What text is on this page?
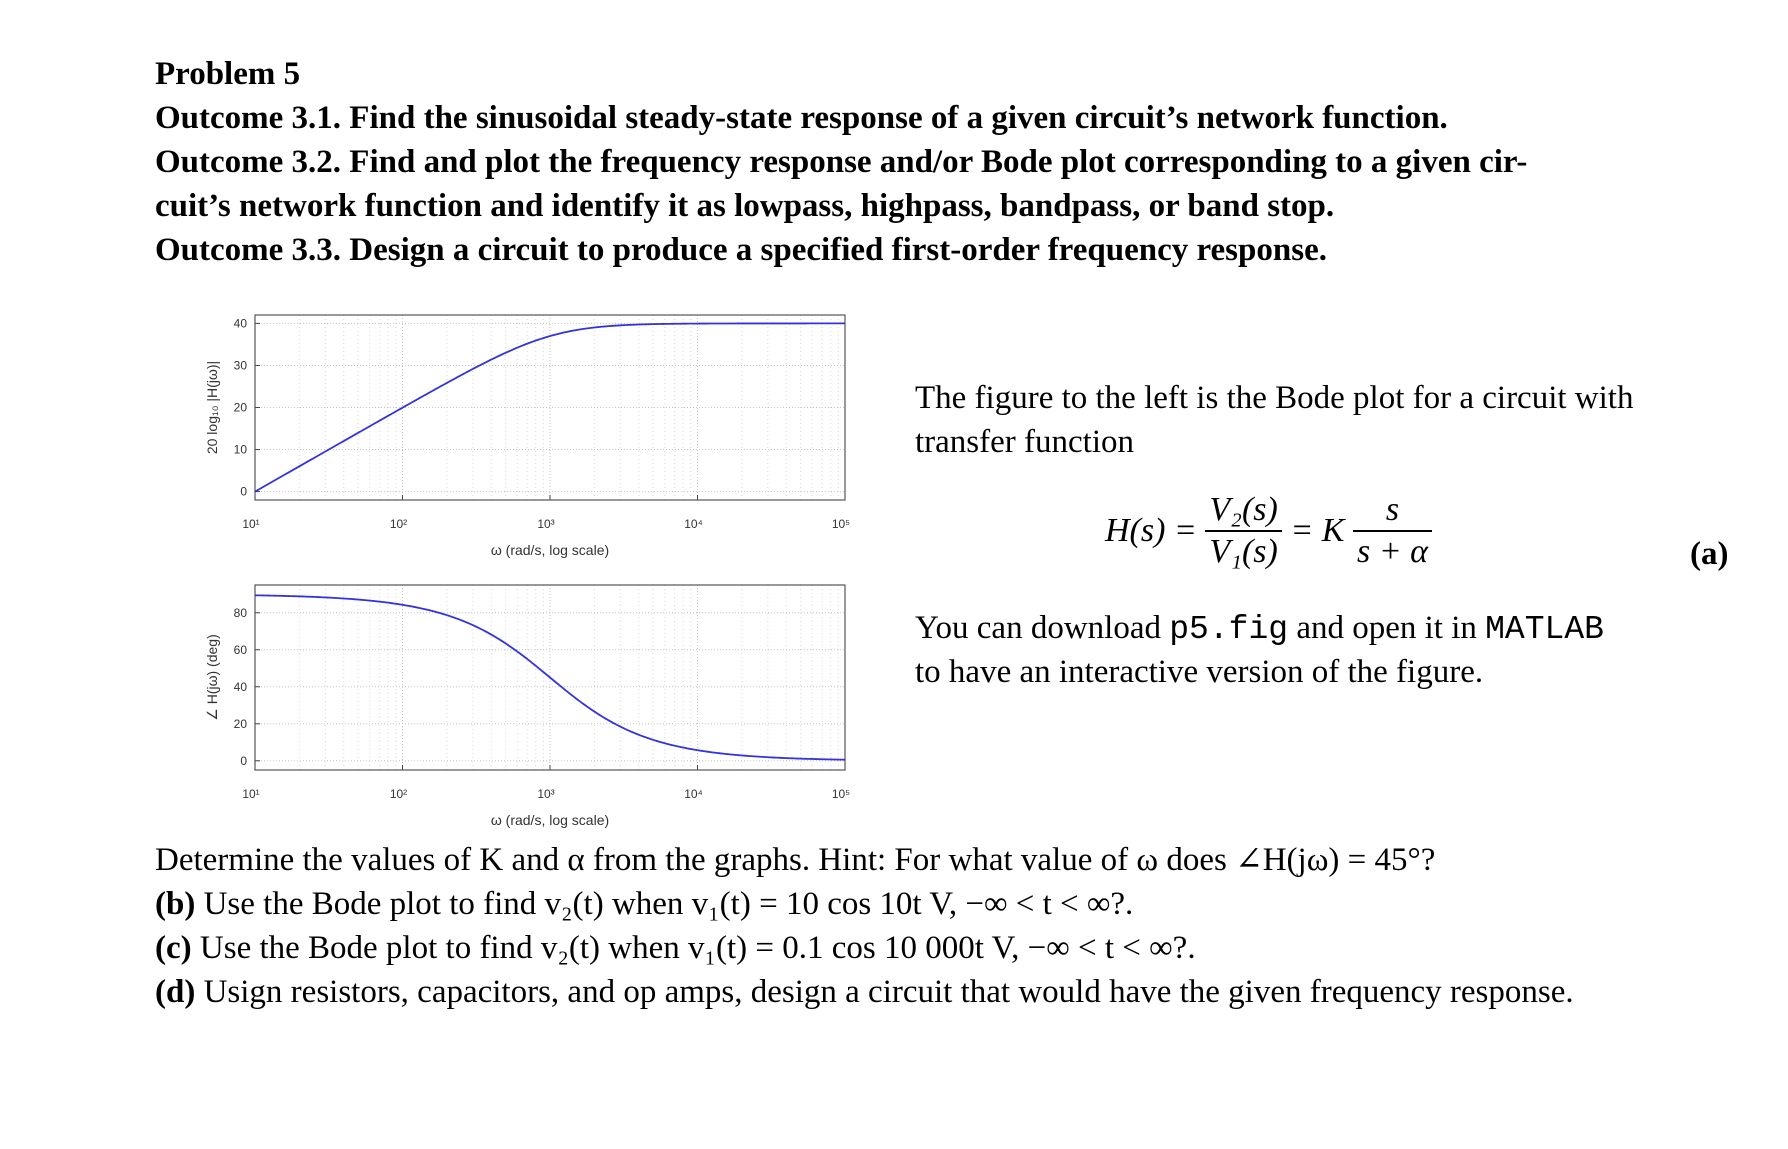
Problem 5
Outcome 3.1. Find the sinusoidal steady-state response of a given circuit’s network function.
Outcome 3.2. Find and plot the frequency response and/or Bode plot corresponding to a given cir-
cuit’s network function and identify it as lowpass, highpass, bandpass, or band stop.
Outcome 3.3. Design a circuit to produce a specified first-order frequency response.
10¹	10²	10³	10⁴	10⁵
0
10
20
30
40
ω (rad/s, log scale)
20 log₁₀ |H(jω)|
10¹	10²	10³	10⁴	10⁵
0
20
40
60
80
ω (rad/s, log scale)
∠ H(jω) (deg)
The figure to the left is the Bode plot for a circuit with
transfer function
$H(s) = \frac{\text{V₂(s)}}{\text{V₁(s)}} = K \frac{s}{s + \alpha}$	(a)
You can download p5.fig and open it in MATLAB
to have an interactive version of the figure.
Determine the values of K and α from the graphs. Hint: For what value of ω does ∠H(jω) = 45°?
(b) Use the Bode plot to find v₂(t) when v₁(t) = 10 cos 10t V, −∞ < t < ∞?.
(c) Use the Bode plot to find v₂(t) when v₁(t) = 0.1 cos 10 000t V, −∞ < t < ∞?.
(d) Usign resistors, capacitors, and op amps, design a circuit that would have the given frequency response.
